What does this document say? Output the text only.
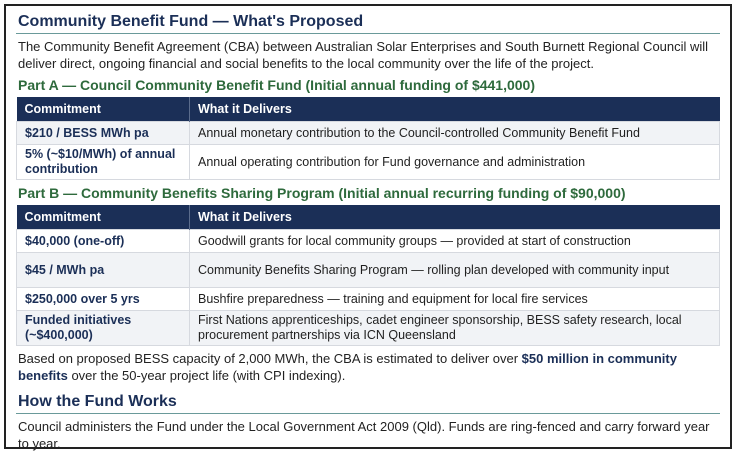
Community Benefit Fund — What's Proposed
The Community Benefit Agreement (CBA) between Australian Solar Enterprises and South Burnett Regional Council will deliver direct, ongoing financial and social benefits to the local community over the life of the project.
Part A — Council Community Benefit Fund (Initial annual funding of $441,000)
Commitment	What it Delivers
$210 / BESS MWh pa	Annual monetary contribution to the Council-controlled Community Benefit Fund
5% (~$10/MWh) of annual contribution	Annual operating contribution for Fund governance and administration
Part B — Community Benefits Sharing Program (Initial annual recurring funding of $90,000)
Commitment	What it Delivers
$40,000 (one-off)	Goodwill grants for local community groups — provided at start of construction
$45 / MWh pa	Community Benefits Sharing Program — rolling plan developed with community input
$250,000 over 5 yrs	Bushfire preparedness — training and equipment for local fire services
Funded initiatives (~$400,000)	First Nations apprenticeships, cadet engineer sponsorship, BESS safety research, local procurement partnerships via ICN Queensland
Based on proposed BESS capacity of 2,000 MWh, the CBA is estimated to deliver over $50 million in community benefits over the 50-year project life (with CPI indexing).
How the Fund Works
Council administers the Fund under the Local Government Act 2009 (Qld). Funds are ring-fenced and carry forward year to year.
